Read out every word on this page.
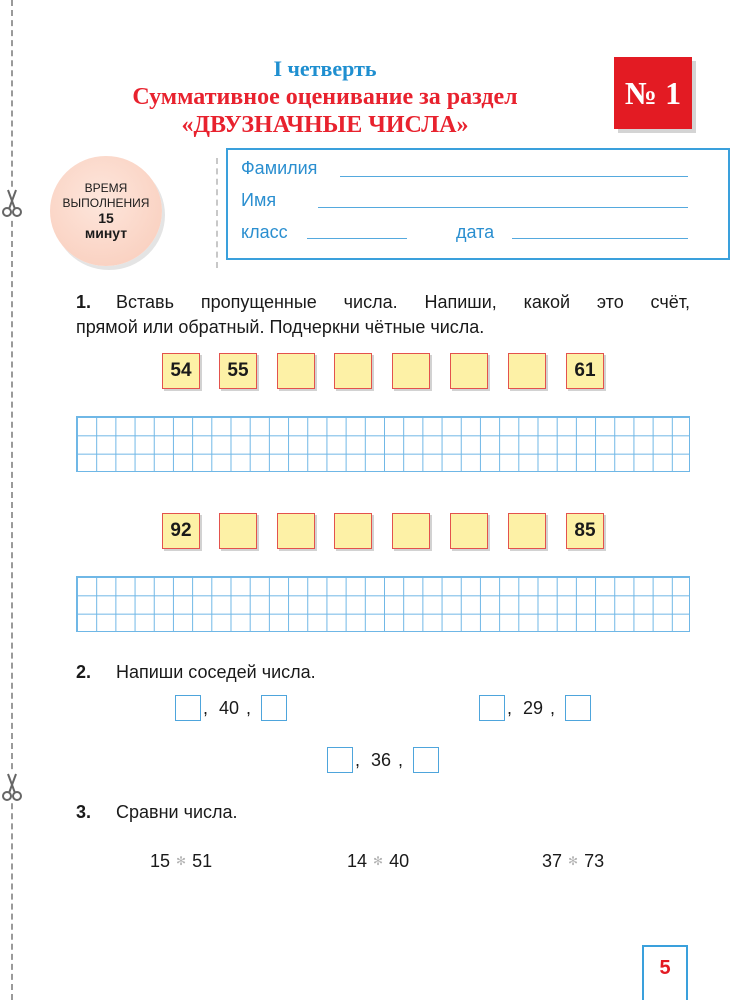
I четверть
Суммативное оценивание за раздел
«ДВУЗНАЧНЫЕ ЧИСЛА»
№ 1
ВРЕМЯ
ВЫПОЛНЕНИЯ
15
минут
Фамилия
Имя
класс	дата
1. Вставь пропущенные числа. Напиши, какой это счёт,
прямой или обратный. Подчеркни чётные числа.
54	55	61
92	85
2. Напиши соседей числа.
, 40 ,	, 29 ,
, 36 ,
3. Сравни числа.
15 ✻ 51	14 ✻ 40	37 ✻ 73
5
